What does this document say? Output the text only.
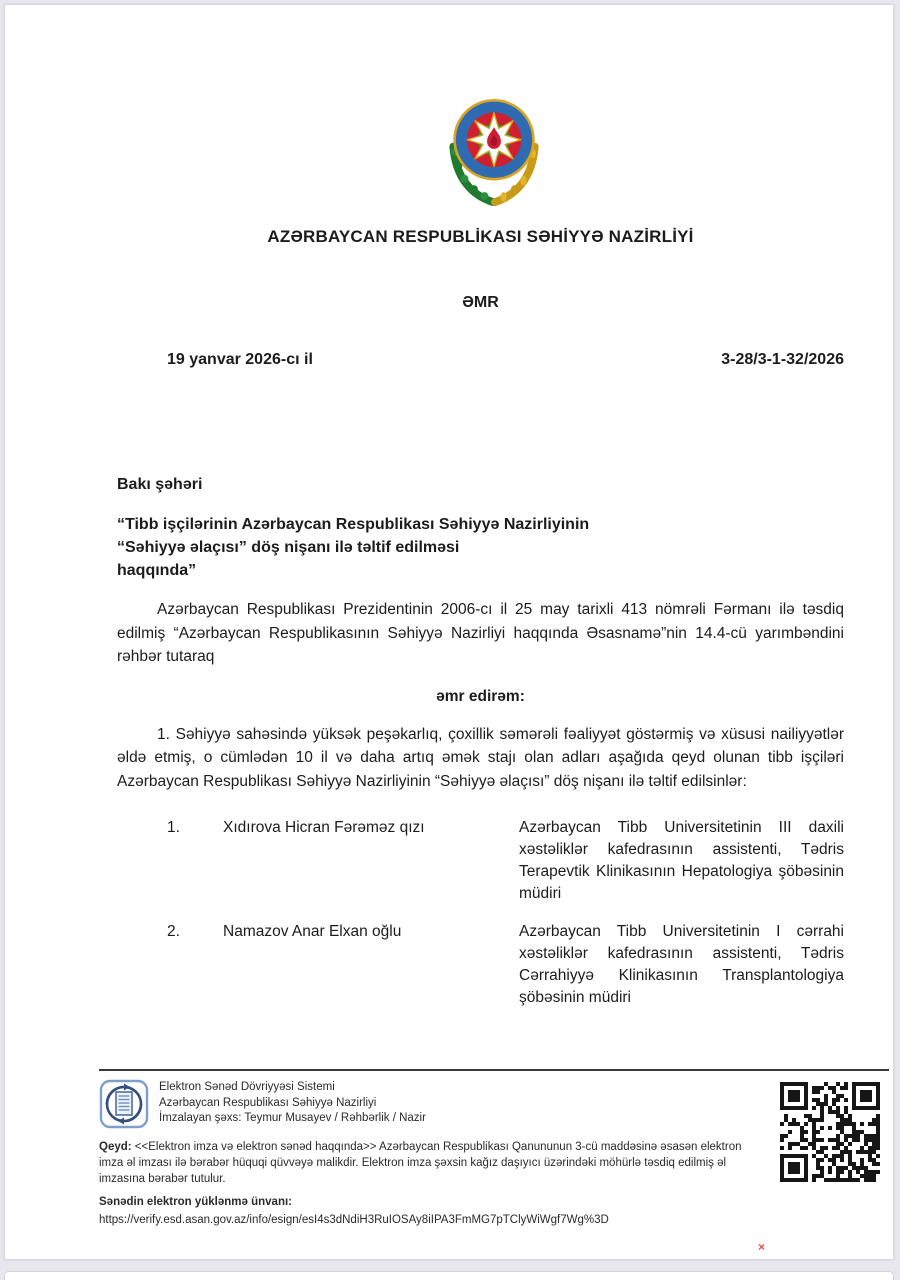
AZƏRBAYCAN RESPUBLİKASI SƏHİYYƏ NAZİRLİYİ
ƏMR
19 yanvar 2026-cı il	3-28/3-1-32/2026
Bakı şəhəri
“Tibb işçilərinin Azərbaycan Respublikası Səhiyyə Nazirliyinin
“Səhiyyə əlaçısı” döş nişanı ilə təltif edilməsi
haqqında”

Azərbaycan Respublikası Prezidentinin 2006-cı il 25 may tarixli 413 nömrəli Fərmanı ilə təsdiq edilmiş “Azərbaycan Respublikasının Səhiyyə Nazirliyi haqqında Əsasnamə”nin 14.4-cü yarımbəndini rəhbər tutaraq

əmr edirəm:

1. Səhiyyə sahəsində yüksək peşəkarlıq, çoxillik səmərəli fəaliyyət göstərmiş və xüsusi nailiyyətlər əldə etmiş, o cümlədən 10 il və daha artıq əmək stajı olan adları aşağıda qeyd olunan tibb işçiləri Azərbaycan Respublikası Səhiyyə Nazirliyinin “Səhiyyə əlaçısı” döş nişanı ilə təltif edilsinlər:

1.	Xıdırova Hicran Fərəməz qızı	Azərbaycan Tibb Universitetinin III daxili xəstəliklər kafedrasının assistenti, Tədris Terapevtik Klinikasının Hepatologiya şöbəsinin müdiri
2.	Namazov Anar Elxan oğlu	Azərbaycan Tibb Universitetinin I cərrahi xəstəliklər kafedrasının assistenti, Tədris Cərrahiyyə Klinikasının Transplantologiya şöbəsinin müdiri
Elektron Sənəd Dövriyyəsi Sistemi
Azərbaycan Respublikası Səhiyyə Nazirliyi
İmzalayan şəxs: Teymur Musayev / Rəhbərlik / Nazir

Qeyd: <<Elektron imza və elektron sənəd haqqında>> Azərbaycan Respublikası Qanununun 3-cü maddəsinə əsasən elektron imza əl imzası ilə bərabər hüquqi qüvvəyə malikdir. Elektron imza şəxsin kağız daşıyıcı üzərindəki möhürlə təsdiq edilmiş əl imzasına bərabər tutulur.

Sənədin elektron yüklənmə ünvanı:
https://verify.esd.asan.gov.az/info/esign/esI4s3dNdiH3RuIOSAy8iIPA3FmMG7pTClyWiWgf7Wg%3D
×
